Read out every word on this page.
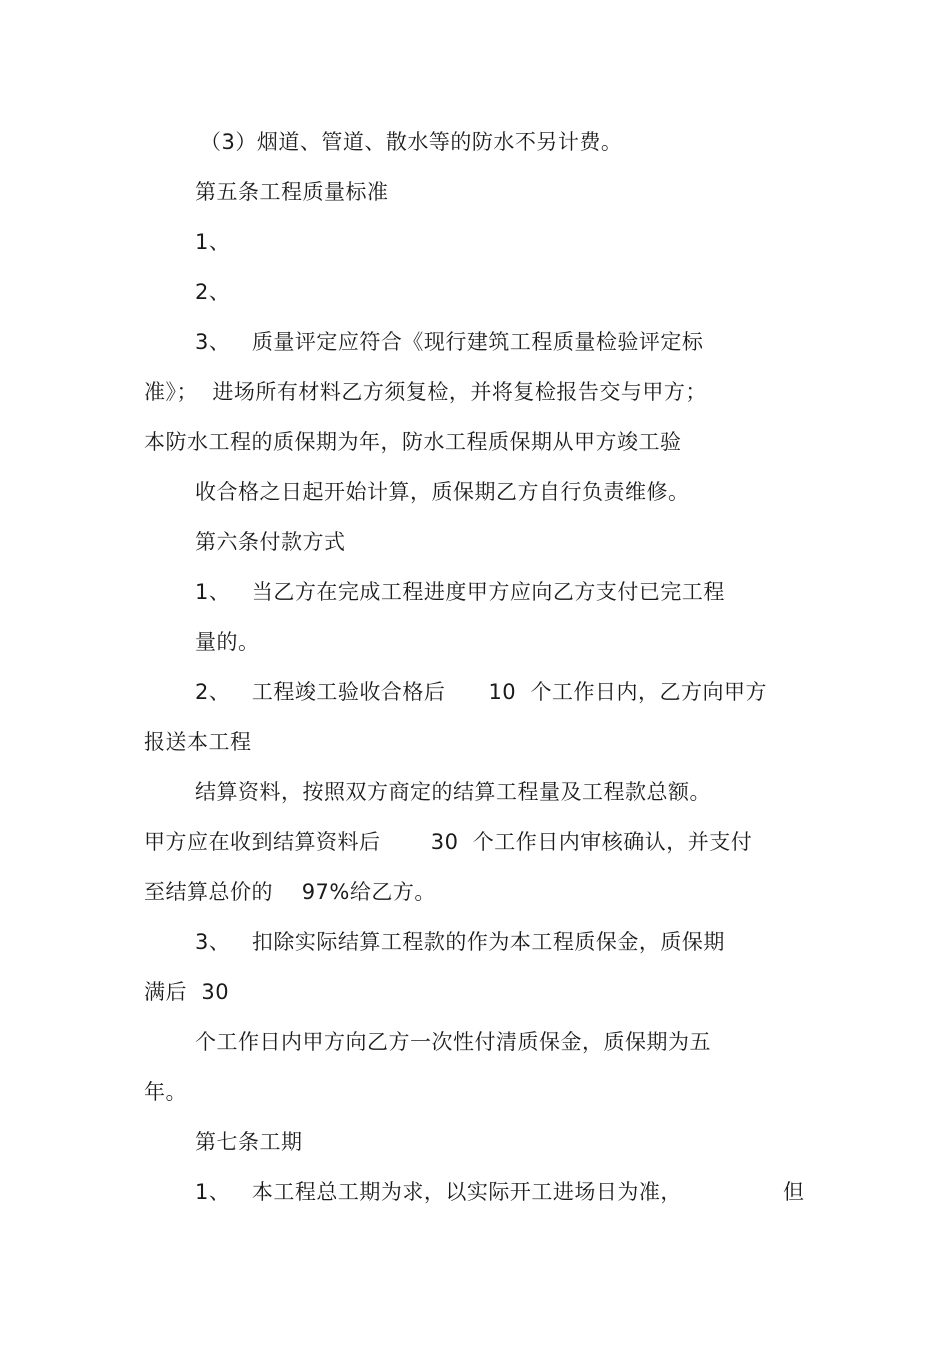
（3）烟道、管道、散水等的防水不另计费。
第五条工程质量标准
1、
2、
3、   质量评定应符合《现行建筑工程质量检验评定标
准》；  进场所有材料乙方须复检，并将复检报告交与甲方；
本防水工程的质保期为年，防水工程质保期从甲方竣工验
收合格之日起开始计算，质保期乙方自行负责维修。
第六条付款方式
1、   当乙方在完成工程进度甲方应向乙方支付已完工程
量的。
2、   工程竣工验收合格后      10  个工作日内，乙方向甲方
报送本工程
结算资料，按照双方商定的结算工程量及工程款总额。
甲方应在收到结算资料后       30  个工作日内审核确认，并支付
至结算总价的    97%给乙方。
3、   扣除实际结算工程款的作为本工程质保金，质保期
满后  30
个工作日内甲方向乙方一次性付清质保金，质保期为五
年。
第七条工期
1、   本工程总工期为求，以实际开工进场日为准，	但
